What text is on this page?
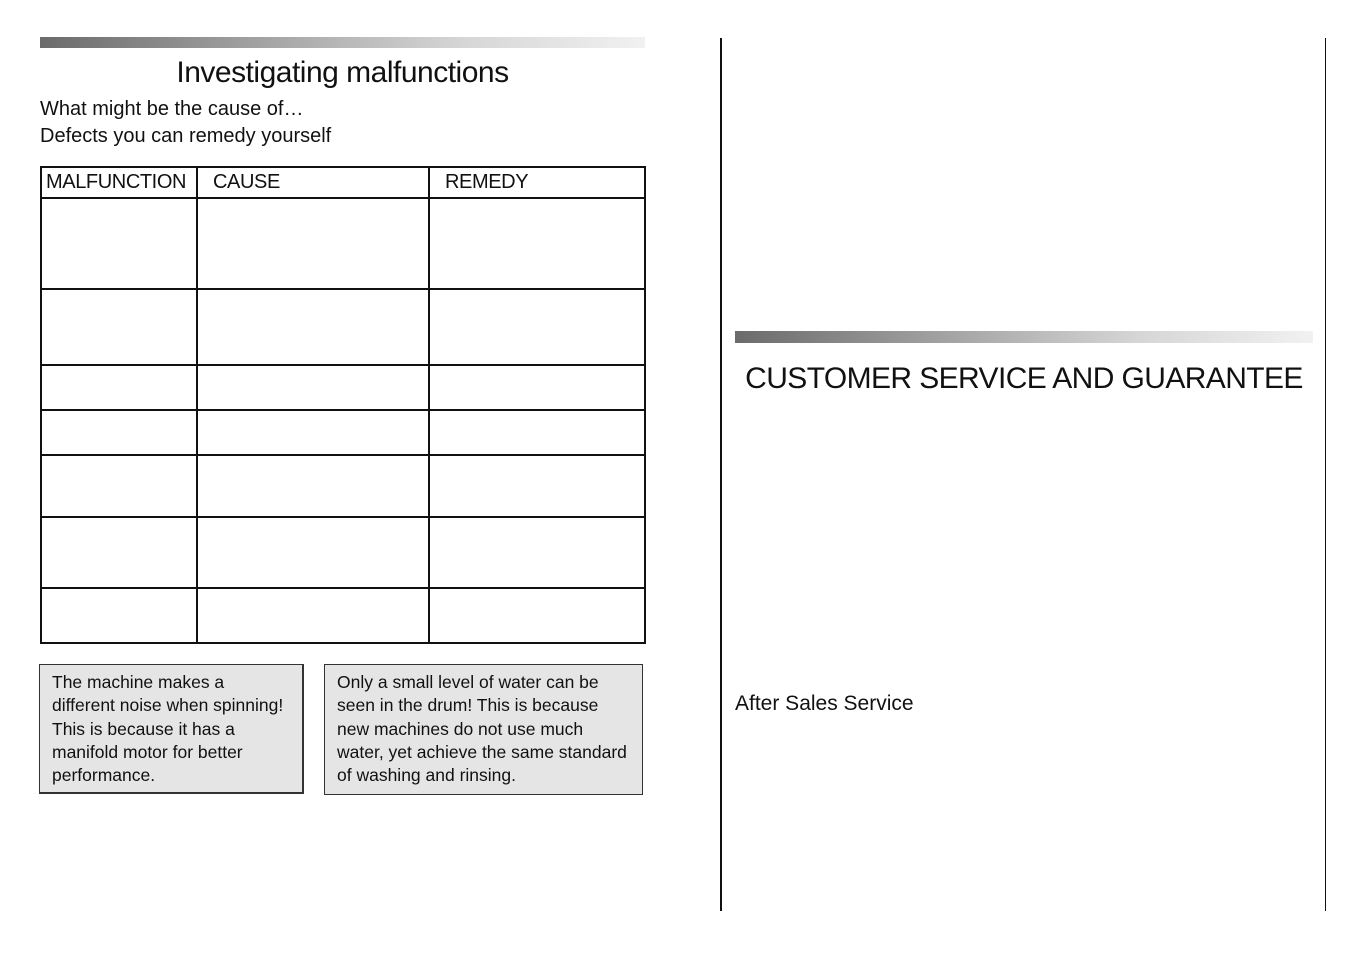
Investigating malfunctions
What might be the cause of…
Defects you can remedy yourself
MALFUNCTION	CAUSE	REMEDY

The machine makes a different noise when spinning! This is because it has a manifold motor for better performance.
Only a small level of water can be seen in the drum! This is because new machines do not use much water, yet achieve the same standard of washing and rinsing.
CUSTOMER SERVICE AND GUARANTEE
After Sales Service
